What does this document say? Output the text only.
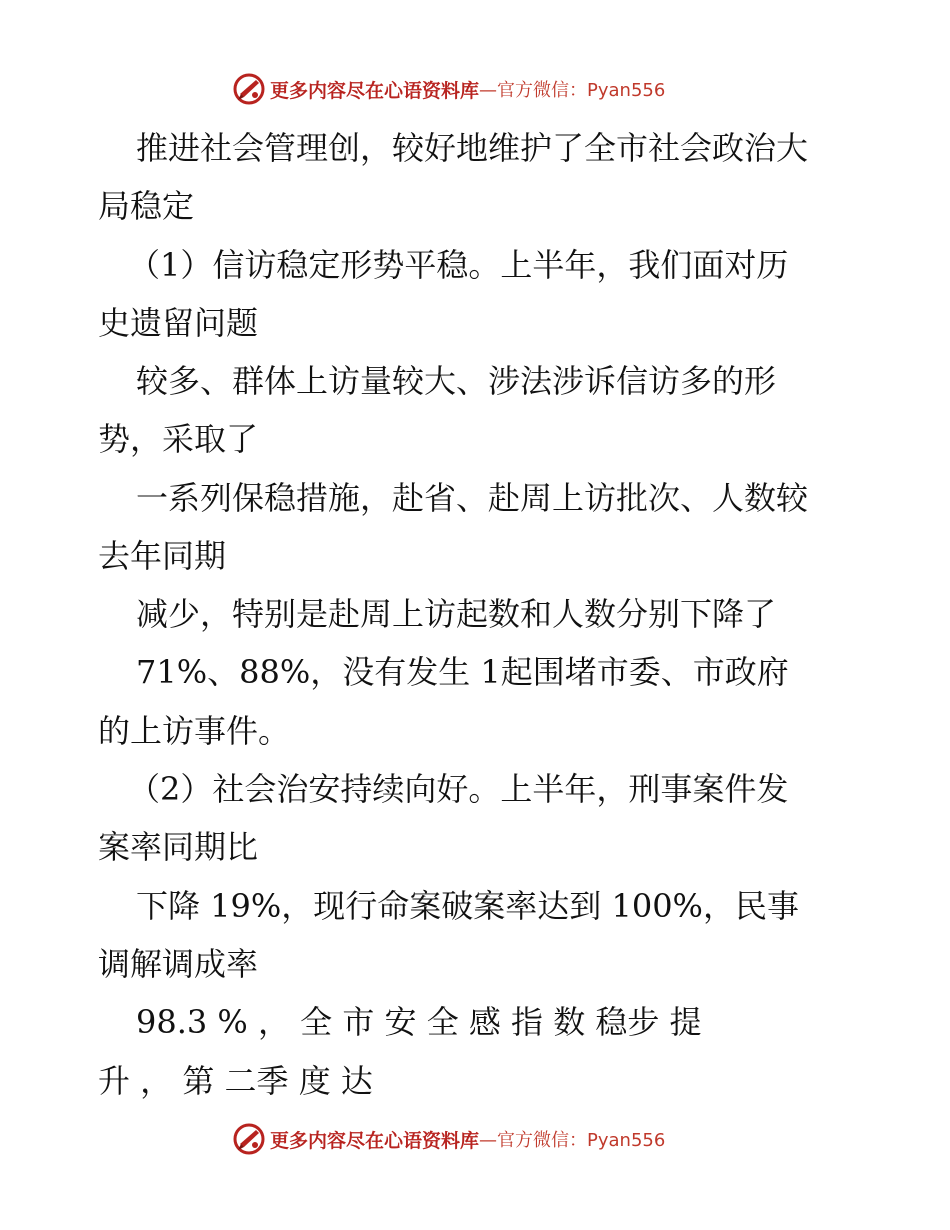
更多内容尽在心语资料库 —官方微信：Pyan556
推进社会管理创，较好地维护了全市社会政治大
局稳定
（1）信访稳定形势平稳。上半年，我们面对历
史遗留问题
较多、群体上访量较大、涉法涉诉信访多的形
势，采取了
一系列保稳措施，赴省、赴周上访批次、人数较
去年同期
减少，特别是赴周上访起数和人数分别下降了
71%、88%，没有发生 1起围堵市委、市政府
的上访事件。
（2）社会治安持续向好。上半年，刑事案件发
案率同期比
下降 19%，现行命案破案率达到 100%，民事
调解调成率
98.3 % ， 全 市 安 全 感 指 数 稳步 提
升 ， 第 二季 度 达
更多内容尽在心语资料库 —官方微信：Pyan556
